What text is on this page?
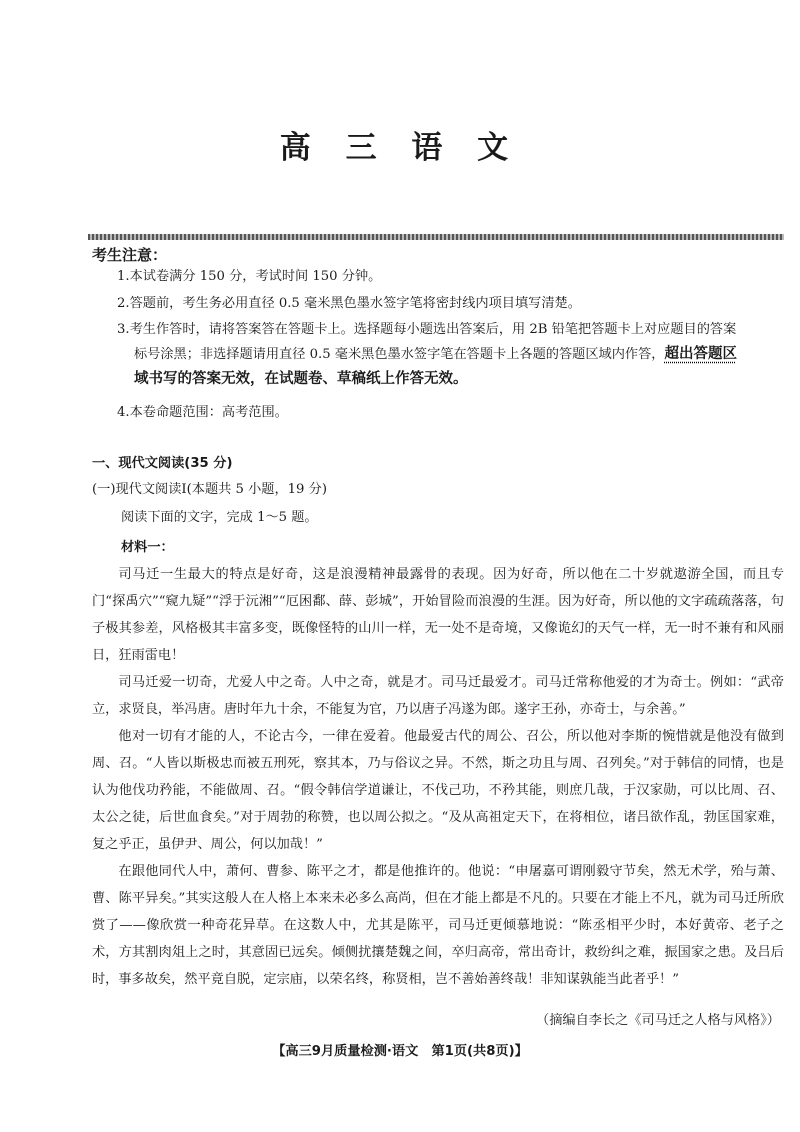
高 三 语 文
考生注意：
1.本试卷满分 150 分，考试时间 150 分钟。
2.答题前，考生务必用直径 0.5 毫米黑色墨水签字笔将密封线内项目填写清楚。
3.考生作答时，请将答案答在答题卡上。选择题每小题选出答案后，用 2B 铅笔把答题卡上对应题目的答案
标号涂黑；非选择题请用直径 0.5 毫米黑色墨水签字笔在答题卡上各题的答题区域内作答，超出答题区
域书写的答案无效，在试题卷、草稿纸上作答无效。
4.本卷命题范围：高考范围。
一、现代文阅读(35 分)
(一)现代文阅读Ⅰ(本题共 5 小题，19 分)
阅读下面的文字，完成 1～5 题。
材料一：

司马迁一生最大的特点是好奇，这是浪漫精神最露骨的表现。因为好奇，所以他在二十岁就遨游全国，而且专门“探禹穴”“窥九疑”“浮于沅湘”“厄困鄱、薛、彭城”，开始冒险而浪漫的生涯。因为好奇，所以他的文字疏疏落落，句子极其参差，风格极其丰富多变，既像怪特的山川一样，无一处不是奇境，又像诡幻的天气一样，无一时不兼有和风丽日，狂雨雷电！

司马迁爱一切奇，尤爱人中之奇。人中之奇，就是才。司马迁最爱才。司马迁常称他爱的才为奇士。例如：“武帝立，求贤良，举冯唐。唐时年九十余，不能复为官，乃以唐子冯遂为郎。遂字王孙，亦奇士，与余善。”

他对一切有才能的人，不论古今，一律在爱着。他最爱古代的周公、召公，所以他对李斯的惋惜就是他没有做到周、召。“人皆以斯极忠而被五刑死，察其本，乃与俗议之异。不然，斯之功且与周、召列矣。”对于韩信的同情，也是认为他伐功矜能，不能做周、召。“假令韩信学道谦让，不伐己功，不矜其能，则庶几哉，于汉家勋，可以比周、召、太公之徒，后世血食矣。”对于周勃的称赞，也以周公拟之。“及从高祖定天下，在将相位，诸吕欲作乱，勃匡国家难，复之乎正，虽伊尹、周公，何以加哉！”

在跟他同代人中，萧何、曹参、陈平之才，都是他推许的。他说：“申屠嘉可谓刚毅守节矣，然无术学，殆与萧、曹、陈平异矣。”其实这般人在人格上本来未必多么高尚，但在才能上都是不凡的。只要在才能上不凡，就为司马迁所欣赏了——像欣赏一种奇花异草。在这数人中，尤其是陈平，司马迁更倾慕地说：“陈丞相平少时，本好黄帝、老子之术，方其割肉俎上之时，其意固已远矣。倾侧扰攘楚魏之间，卒归高帝，常出奇计，救纷纠之难，振国家之患。及吕后时，事多故矣，然平竟自脱，定宗庙，以荣名终，称贤相，岂不善始善终哉！非知谋孰能当此者乎！”

（摘编自李长之《司马迁之人格与风格》）
【高三9月质量检测·语文　第1页(共8页)】
